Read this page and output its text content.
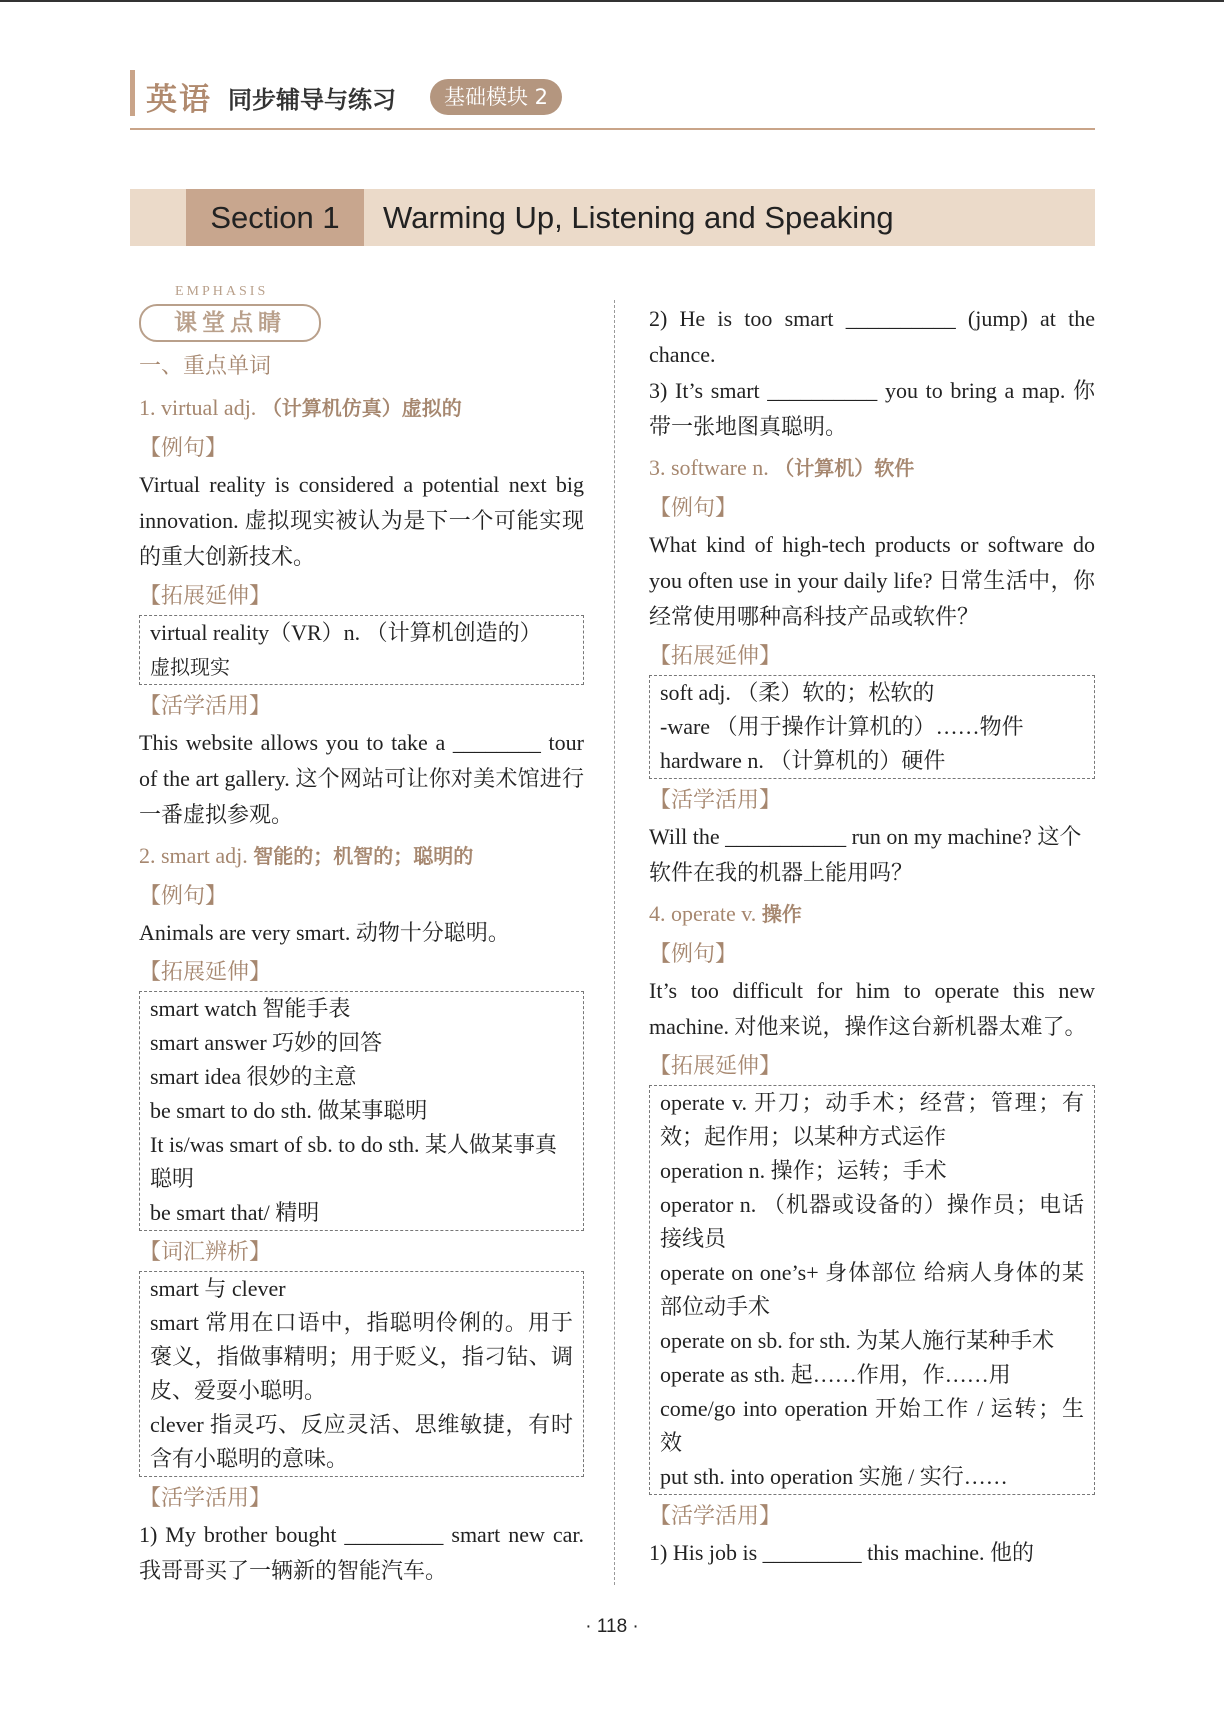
英语 同步辅导与练习	基础模块 2
Section 1	Warming Up, Listening and Speaking
EMPHASIS
课堂点睛

一、重点单词

1. virtual adj. （计算机仿真）虚拟的

【例句】

Virtual reality is considered a potential next big innovation. 虚拟现实被认为是下一个可能实现的重大创新技术。

【拓展延伸】

virtual reality（VR）n. （计算机创造的）

虚拟现实

【活学活用】

This website allows you to take a ________ tour of the art gallery. 这个网站可让你对美术馆进行一番虚拟参观。

2. smart adj. 智能的；机智的；聪明的

【例句】

Animals are very smart. 动物十分聪明。

【拓展延伸】

smart watch 智能手表

smart answer 巧妙的回答

smart idea 很妙的主意

be smart to do sth. 做某事聪明

It is/was smart of sb. to do sth. 某人做某事真聪明

be smart that/ 精明

【词汇辨析】

smart 与 clever

smart 常用在口语中，指聪明伶俐的。用于褒义，指做事精明；用于贬义，指刁钻、调皮、爱耍小聪明。

clever 指灵巧、反应灵活、思维敏捷，有时含有小聪明的意味。

【活学活用】

1) My brother bought _________ smart new car. 我哥哥买了一辆新的智能汽车。

2) He is too smart __________ (jump) at the chance.

3) It’s smart __________ you to bring a map. 你带一张地图真聪明。

3. software n. （计算机）软件

【例句】

What kind of high-tech products or software do you often use in your daily life? 日常生活中，你经常使用哪种高科技产品或软件？

【拓展延伸】

soft adj. （柔）软的；松软的

-ware （用于操作计算机的）……物件

hardware n. （计算机的）硬件

【活学活用】

Will the ___________ run on my machine? 这个软件在我的机器上能用吗？

4. operate v. 操作

【例句】

It’s too difficult for him to operate this new machine. 对他来说，操作这台新机器太难了。

【拓展延伸】

operate v. 开刀；动手术；经营；管理；有效；起作用；以某种方式运作

operation n. 操作；运转；手术

operator n. （机器或设备的）操作员；电话接线员

operate on one’s+ 身体部位 给病人身体的某部位动手术

operate on sb. for sth. 为某人施行某种手术

operate as sth. 起……作用，作……用

come/go into operation 开始工作 / 运转；生效

put sth. into operation 实施 / 实行……

【活学活用】

1) His job is _________ this machine. 他的

· 118 ·
